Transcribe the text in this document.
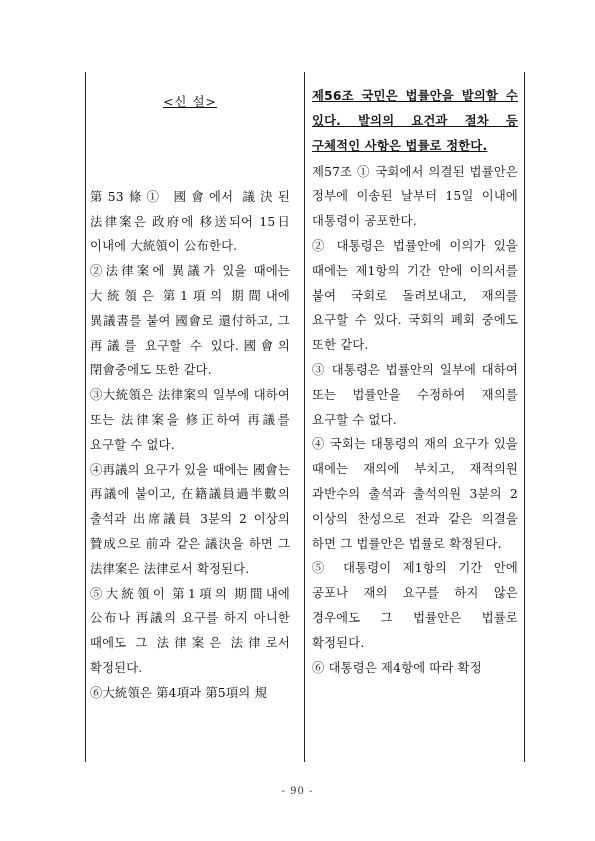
<신 설>

第53條① 國會에서 議決된 法律案은 政府에 移送되어 15日 이내에 大統領이 公布한다.

②法律案에 異議가 있을 때에는 大統領은 第1項의 期間내에 異議書를 붙여 國會로 還付하고, 그 再議를 요구할 수 있다.國會의 閉會중에도 또한 같다.

③大統領은 法律案의 일부에 대하여 또는 法律案을 修正하여 再議를 요구할 수 없다.

④再議의 요구가 있을 때에는 國會는 再議에 붙이고, 在籍議員過半數의 출석과 出席議員 3분의 2 이상의 贊成으로 前과 같은 議決을 하면 그 法律案은 法律로서 확정된다.

⑤大統領이 第1項의 期間내에 公布나 再議의 요구를 하지 아니한 때에도 그 法律案은 法律로서 확정된다.

⑥大統領은 第4項과 第5項의 規

제56조 국민은 법률안을 발의할 수 있다. 발의의 요건과 절차 등 구체적인 사항은 법률로 정한다.

제57조 ① 국회에서 의결된 법률안은 정부에 이송된 날부터 15일 이내에 대통령이 공포한다.

② 대통령은 법률안에 이의가 있을 때에는 제1항의 기간 안에 이의서를 붙여 국회로 돌려보내고, 재의를 요구할 수 있다. 국회의 폐회 중에도 또한 같다.

③ 대통령은 법률안의 일부에 대하여 또는 법률안을 수정하여 재의를 요구할 수 없다.

④ 국회는 대통령의 재의 요구가 있을 때에는 재의에 부치고, 재적의원 과반수의 출석과 출석의원 3분의 2 이상의 찬성으로 전과 같은 의결을 하면 그 법률안은 법률로 확정된다.

⑤ 대통령이 제1항의 기간 안에 공포나 재의 요구를 하지 않은 경우에도 그 법률안은 법률로 확정된다.

⑥ 대통령은 제4항에 따라 확정

- 90 -
